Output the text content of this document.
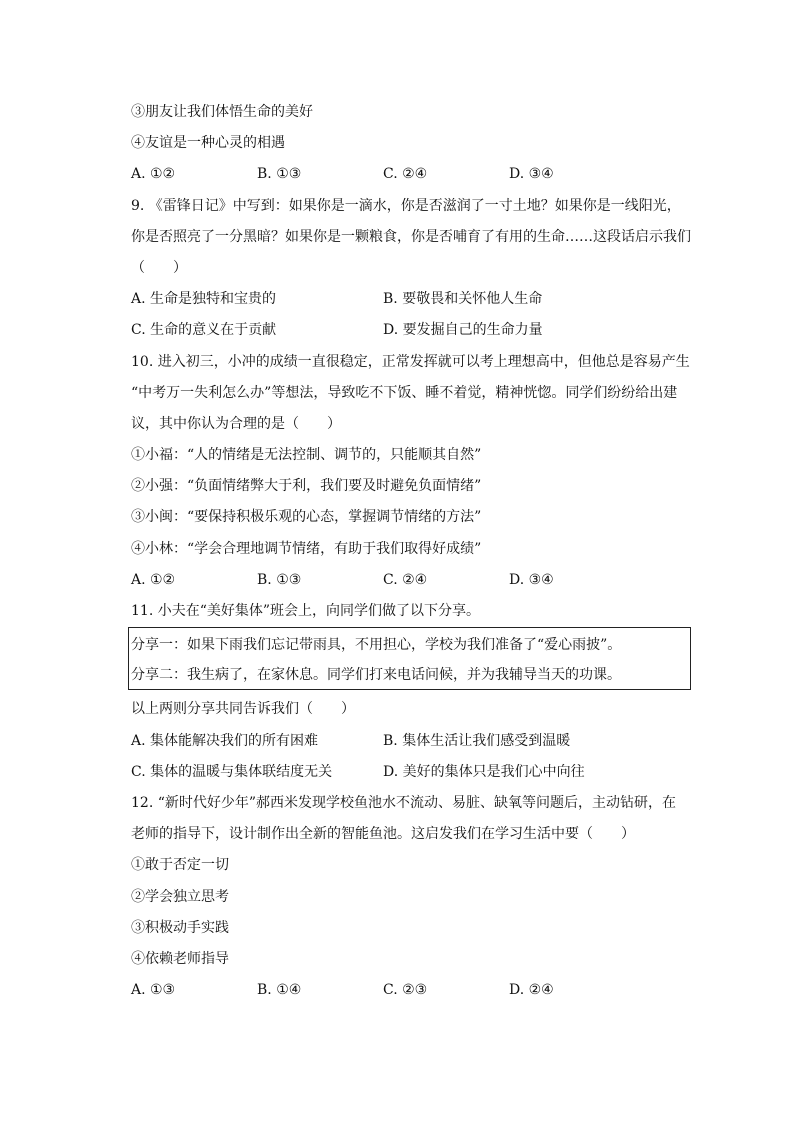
③朋友让我们体悟生命的美好
④友谊是一种心灵的相遇
A. ①②	B. ①③	C. ②④	D. ③④
9. 《雷锋日记》中写到：如果你是一滴水，你是否滋润了一寸土地？如果你是一线阳光，
你是否照亮了一分黑暗？如果你是一颗粮食，你是否哺育了有用的生命……这段话启示我们
（　　）
A. 生命是独特和宝贵的	B. 要敬畏和关怀他人生命
C. 生命的意义在于贡献	D. 要发掘自己的生命力量
10. 进入初三，小冲的成绩一直很稳定，正常发挥就可以考上理想高中，但他总是容易产生
“中考万一失利怎么办”等想法，导致吃不下饭、睡不着觉，精神恍惚。同学们纷纷给出建
议，其中你认为合理的是（　　）
①小福：“人的情绪是无法控制、调节的，只能顺其自然”
②小强：“负面情绪弊大于利，我们要及时避免负面情绪”
③小闽：“要保持积极乐观的心态，掌握调节情绪的方法”
④小林：“学会合理地调节情绪，有助于我们取得好成绩”
A. ①②	B. ①③	C. ②④	D. ③④
11. 小夫在“美好集体”班会上，向同学们做了以下分享。
分享一：如果下雨我们忘记带雨具，不用担心，学校为我们准备了“爱心雨披”。
分享二：我生病了，在家休息。同学们打来电话问候，并为我辅导当天的功课。
以上两则分享共同告诉我们（　　）
A. 集体能解决我们的所有困难	B. 集体生活让我们感受到温暖
C. 集体的温暖与集体联结度无关	D. 美好的集体只是我们心中向往
12. “新时代好少年”郝西米发现学校鱼池水不流动、易脏、缺氧等问题后，主动钻研，在
老师的指导下，设计制作出全新的智能鱼池。这启发我们在学习生活中要（　　）
①敢于否定一切
②学会独立思考
③积极动手实践
④依赖老师指导
A. ①③	B. ①④	C. ②③	D. ②④
